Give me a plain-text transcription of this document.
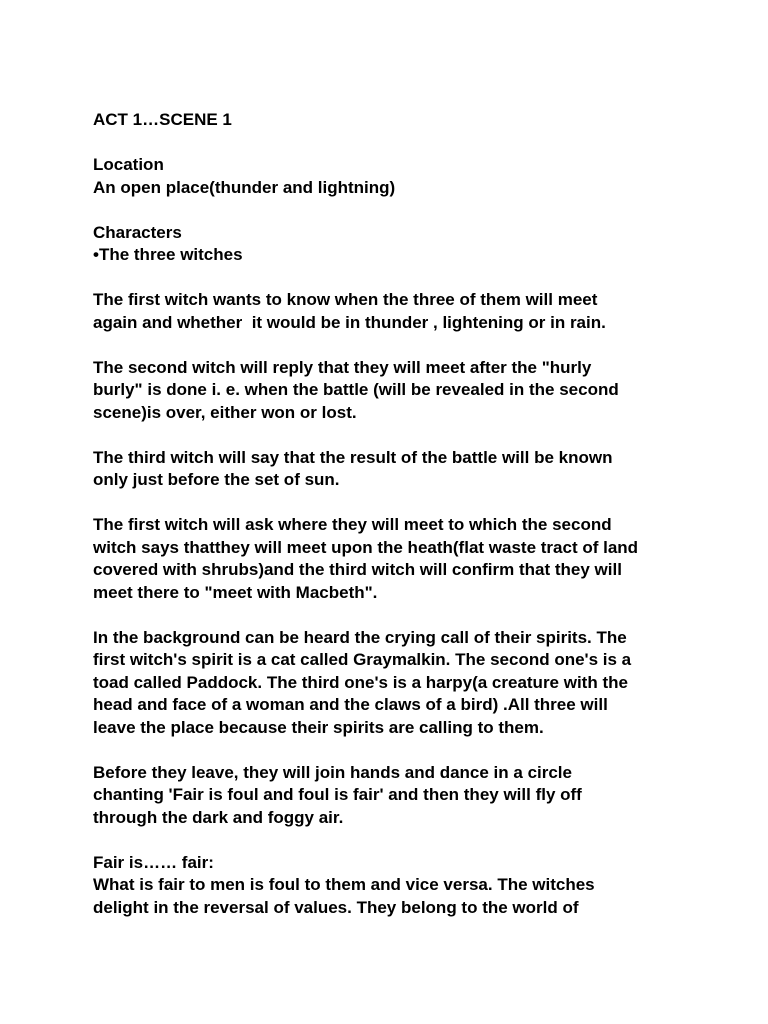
ACT 1…SCENE 1
Location
An open place(thunder and lightning)
Characters
•The three witches
The first witch wants to know when the three of them will meet
again and whether  it would be in thunder , lightening or in rain.
The second witch will reply that they will meet after the "hurly
burly" is done i. e. when the battle (will be revealed in the second
scene)is over, either won or lost.
The third witch will say that the result of the battle will be known
only just before the set of sun.
The first witch will ask where they will meet to which the second
witch says thatthey will meet upon the heath(flat waste tract of land
covered with shrubs)and the third witch will confirm that they will
meet there to "meet with Macbeth".
In the background can be heard the crying call of their spirits. The
first witch's spirit is a cat called Graymalkin. The second one's is a
toad called Paddock. The third one's is a harpy(a creature with the
head and face of a woman and the claws of a bird) .All three will
leave the place because their spirits are calling to them.
Before they leave, they will join hands and dance in a circle
chanting 'Fair is foul and foul is fair' and then they will fly off
through the dark and foggy air.
Fair is…… fair:
What is fair to men is foul to them and vice versa. The witches
delight in the reversal of values. They belong to the world of
